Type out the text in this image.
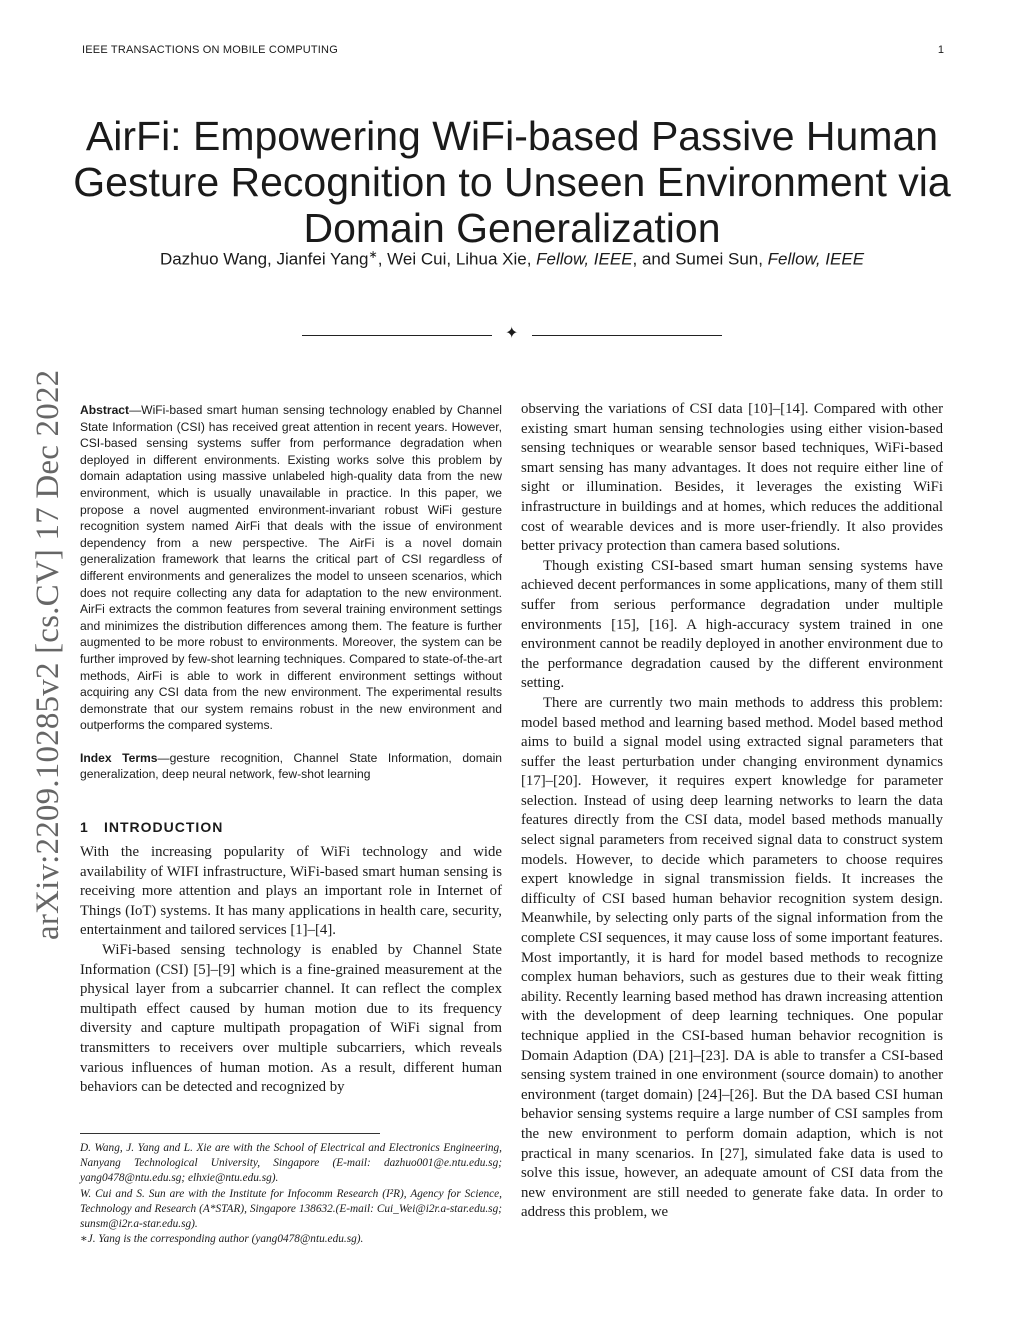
IEEE TRANSACTIONS ON MOBILE COMPUTING	1
AirFi: Empowering WiFi-based Passive Human Gesture Recognition to Unseen Environment via Domain Generalization
Dazhuo Wang, Jianfei Yang∗, Wei Cui, Lihua Xie, Fellow, IEEE, and Sumei Sun, Fellow, IEEE
✦
arXiv:2209.10285v2 [cs.CV] 17 Dec 2022 Abstract—WiFi-based smart human sensing technology enabled by Channel State Information (CSI) has received great attention in recent years. However, CSI-based sensing systems suffer from performance degradation when deployed in different environments. Existing works solve this problem by domain adaptation using massive unlabeled high-quality data from the new environment, which is usually unavailable in practice. In this paper, we propose a novel augmented environment-invariant robust WiFi gesture recognition system named AirFi that deals with the issue of environment dependency from a new perspective. The AirFi is a novel domain generalization framework that learns the critical part of CSI regardless of different environments and generalizes the model to unseen scenarios, which does not require collecting any data for adaptation to the new environment. AirFi extracts the common features from several training environment settings and minimizes the distribution differences among them. The feature is further augmented to be more robust to environments. Moreover, the system can be further improved by few-shot learning techniques. Compared to state-of-the-art methods, AirFi is able to work in different environment settings without acquiring any CSI data from the new environment. The experimental results demonstrate that our system remains robust in the new environment and outperforms the compared systems.

Index Terms—gesture recognition, Channel State Information, domain generalization, deep neural network, few-shot learning

1 INTRODUCTION

With the increasing popularity of WiFi technology and wide availability of WIFI infrastructure, WiFi-based smart human sensing is receiving more attention and plays an important role in Internet of Things (IoT) systems. It has many applications in health care, security, entertainment and tailored services [1]–[4].

WiFi-based sensing technology is enabled by Channel State Information (CSI) [5]–[9] which is a fine-grained measurement at the physical layer from a subcarrier channel. It can reflect the complex multipath effect caused by human motion due to its frequency diversity and capture multipath propagation of WiFi signal from transmitters to receivers over multiple subcarriers, which reveals various influences of human motion. As a result, different human behaviors can be detected and recognized by

D. Wang, J. Yang and L. Xie are with the School of Electrical and Electronics Engineering, Nanyang Technological University, Singapore (E-mail: dazhuo001@e.ntu.edu.sg; yang0478@ntu.edu.sg; elhxie@ntu.edu.sg).

W. Cui and S. Sun are with the Institute for Infocomm Research (I²R), Agency for Science, Technology and Research (A*STAR), Singapore 138632.(E-mail: Cui_Wei@i2r.a-star.edu.sg; sunsm@i2r.a-star.edu.sg).

∗J. Yang is the corresponding author (yang0478@ntu.edu.sg).

observing the variations of CSI data [10]–[14]. Compared with other existing smart human sensing technologies using either vision-based sensing techniques or wearable sensor based techniques, WiFi-based smart sensing has many advantages. It does not require either line of sight or illumination. Besides, it leverages the existing WiFi infrastructure in buildings and at homes, which reduces the additional cost of wearable devices and is more user-friendly. It also provides better privacy protection than camera based solutions.

Though existing CSI-based smart human sensing systems have achieved decent performances in some applications, many of them still suffer from serious performance degradation under multiple environments [15], [16]. A high-accuracy system trained in one environment cannot be readily deployed in another environment due to the performance degradation caused by the different environment setting.

There are currently two main methods to address this problem: model based method and learning based method. Model based method aims to build a signal model using extracted signal parameters that suffer the least perturbation under changing environment dynamics [17]–[20]. However, it requires expert knowledge for parameter selection. Instead of using deep learning networks to learn the data features directly from the CSI data, model based methods manually select signal parameters from received signal data to construct system models. However, to decide which parameters to choose requires expert knowledge in signal transmission fields. It increases the difficulty of CSI based human behavior recognition system design. Meanwhile, by selecting only parts of the signal information from the complete CSI sequences, it may cause loss of some important features. Most importantly, it is hard for model based methods to recognize complex human behaviors, such as gestures due to their weak fitting ability. Recently learning based method has drawn increasing attention with the development of deep learning techniques. One popular technique applied in the CSI-based human behavior recognition is Domain Adaption (DA) [21]–[23]. DA is able to transfer a CSI-based sensing system trained in one environment (source domain) to another environment (target domain) [24]–[26]. But the DA based CSI human behavior sensing systems require a large number of CSI samples from the new environment to perform domain adaption, which is not practical in many scenarios. In [27], simulated fake data is used to solve this issue, however, an adequate amount of CSI data from the new environment are still needed to generate fake data. In order to address this problem, we
